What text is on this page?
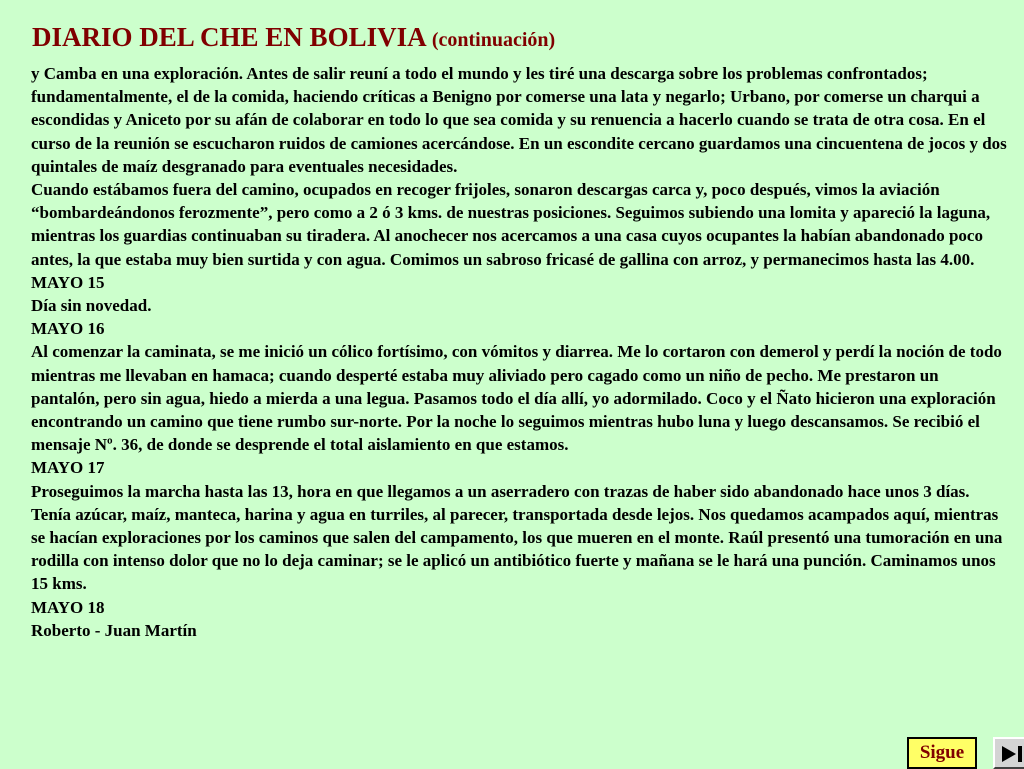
DIARIO DEL CHE EN BOLIVIA (continuación)

y Camba en una exploración. Antes de salir reuní a todo el mundo y les tiré una descarga sobre los problemas confrontados; fundamentalmente, el de la comida, haciendo críticas a Benigno por comerse una lata y negarlo; Urbano, por comerse un charqui a escondidas y Aniceto por su afán de colaborar en todo lo que sea comida y su renuencia a hacerlo cuando se trata de otra cosa. En el curso de la reunión se escucharon ruidos de camiones acercándose. En un escondite cercano guardamos una cincuentena de jocos y dos quintales de maíz desgranado para eventuales necesidades.

Cuando estábamos fuera del camino, ocupados en recoger frijoles, sonaron descargas carca y, poco después, vimos la aviación “bombardeándonos ferozmente”, pero como a 2 ó 3 kms. de nuestras posiciones. Seguimos subiendo una lomita y apareció la laguna, mientras los guardias continuaban su tiradera. Al anochecer nos acercamos a una casa cuyos ocupantes la habían abandonado poco antes, la que estaba muy bien surtida y con agua. Comimos un sabroso fricasé de gallina con arroz, y permanecimos hasta las 4.00.

MAYO 15

Día sin novedad.

MAYO 16

Al comenzar la caminata, se me inició un cólico fortísimo, con vómitos y diarrea. Me lo cortaron con demerol y perdí la noción de todo mientras me llevaban en hamaca; cuando desperté estaba muy aliviado pero cagado como un niño de pecho. Me prestaron un pantalón, pero sin agua, hiedo a mierda a una legua. Pasamos todo el día allí, yo adormilado. Coco y el Ñato hicieron una exploración encontrando un camino que tiene rumbo sur-norte. Por la noche lo seguimos mientras hubo luna y luego descansamos. Se recibió el mensaje Nº. 36, de donde se desprende el total aislamiento en que estamos.

MAYO 17

Proseguimos la marcha hasta las 13, hora en que llegamos a un aserradero con trazas de haber sido abandonado hace unos 3 días. Tenía azúcar, maíz, manteca, harina y agua en turriles, al parecer, transportada desde lejos. Nos quedamos acampados aquí, mientras se hacían exploraciones por los caminos que salen del campamento, los que mueren en el monte. Raúl presentó una tumoración en una rodilla con intenso dolor que no lo deja caminar; se le aplicó un antibiótico fuerte y mañana se le hará una punción. Caminamos unos 15 kms.

MAYO 18

Roberto - Juan Martín

Sigue
